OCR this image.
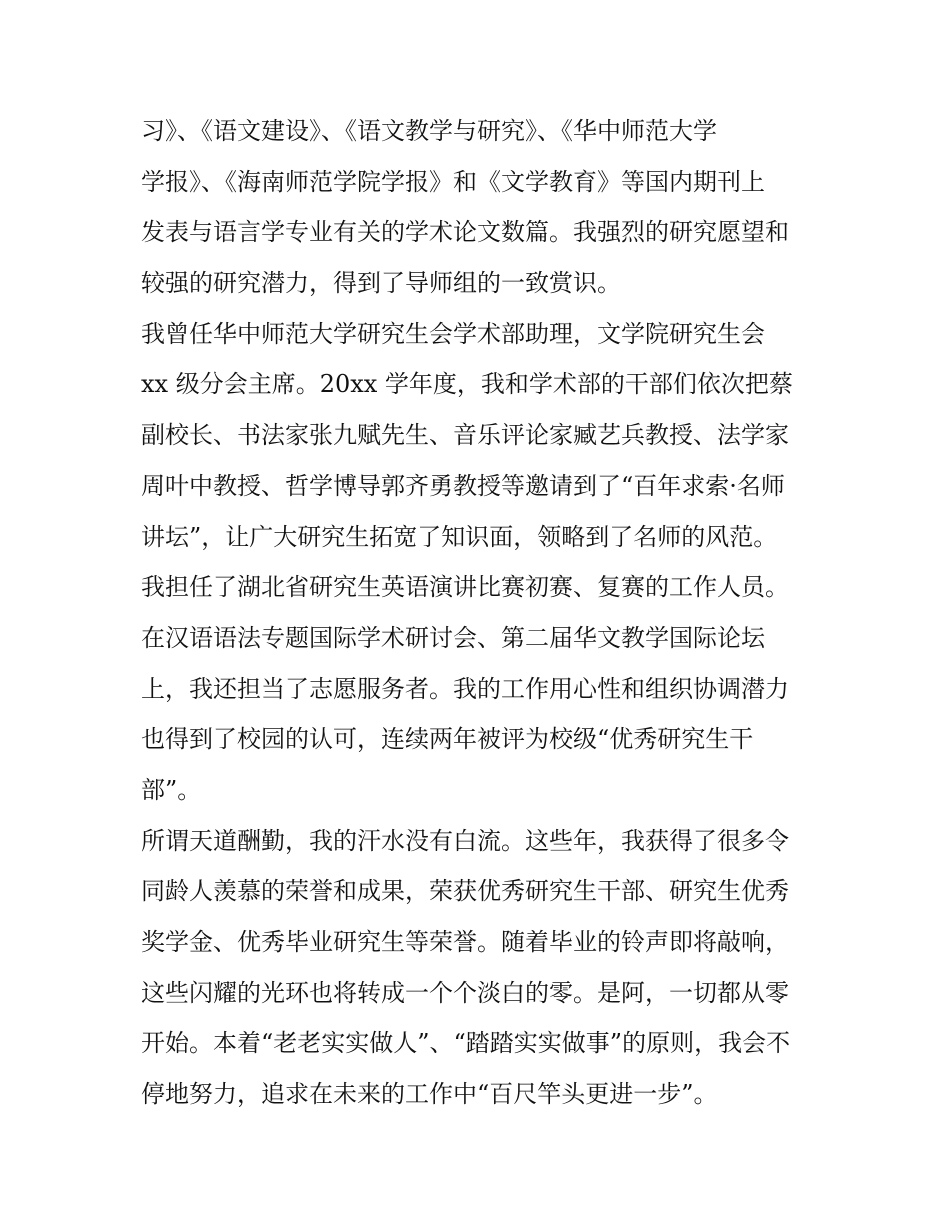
习》、《语文建设》、《语文教学与研究》、《华中师范大学
学报》、《海南师范学院学报》和《文学教育》等国内期刊上
发表与语言学专业有关的学术论文数篇。我强烈的研究愿望和
较强的研究潜力，得到了导师组的一致赏识。
我曾任华中师范大学研究生会学术部助理，文学院研究生会
xx 级分会主席。20xx 学年度，我和学术部的干部们依次把蔡
副校长、书法家张九赋先生、音乐评论家臧艺兵教授、法学家
周叶中教授、哲学博导郭齐勇教授等邀请到了“百年求索·名师
讲坛”，让广大研究生拓宽了知识面，领略到了名师的风范。
我担任了湖北省研究生英语演讲比赛初赛、复赛的工作人员。
在汉语语法专题国际学术研讨会、第二届华文教学国际论坛
上，我还担当了志愿服务者。我的工作用心性和组织协调潜力
也得到了校园的认可，连续两年被评为校级“优秀研究生干
部”。
所谓天道酬勤，我的汗水没有白流。这些年，我获得了很多令
同龄人羡慕的荣誉和成果，荣获优秀研究生干部、研究生优秀
奖学金、优秀毕业研究生等荣誉。随着毕业的铃声即将敲响，
这些闪耀的光环也将转成一个个淡白的零。是阿，一切都从零
开始。本着“老老实实做人”、“踏踏实实做事”的原则，我会不
停地努力，追求在未来的工作中“百尺竿头更进一步”。
